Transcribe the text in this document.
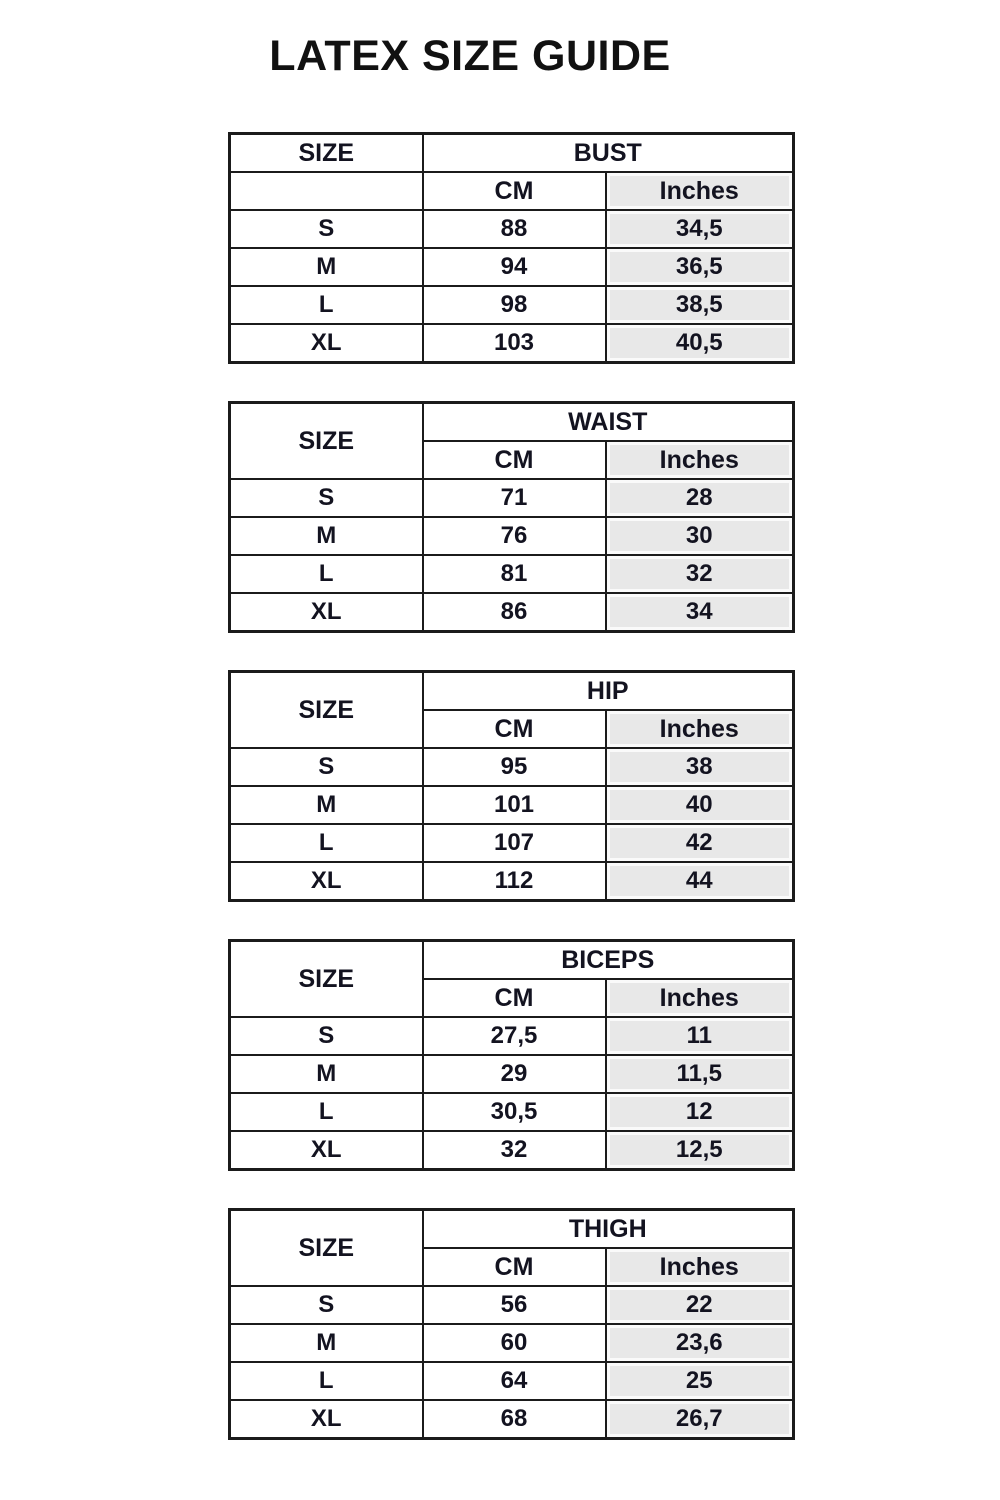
LATEX SIZE GUIDE
SIZE	BUST	
	CM	Inches
S	88	34,5
M	94	36,5
L	98	38,5
XL	103	40,5
SIZE	WAIST	
	CM	Inches
S	71	28
M	76	30
L	81	32
XL	86	34
SIZE	HIP	
	CM	Inches
S	95	38
M	101	40
L	107	42
XL	112	44
SIZE	BICEPS	
	CM	Inches
S	27,5	11
M	29	11,5
L	30,5	12
XL	32	12,5
SIZE	THIGH	
	CM	Inches
S	56	22
M	60	23,6
L	64	25
XL	68	26,7
